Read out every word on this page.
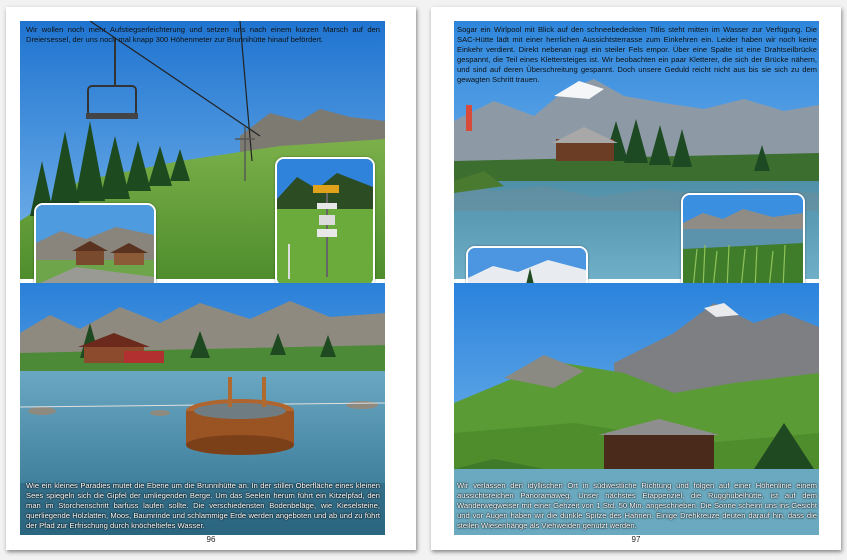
Wir wollen noch mehr Aufstiegserleichterung und setzen uns nach einem kurzen Marsch auf den Dreiersessel, der uns noch mal knapp 300 Höhenmeter zur Brunnihütte hinauf befördert.
Wie ein kleines Paradies mutet die Ebene um die Brunnihütte an. In der stillen Oberfläche eines kleinen Sees spiegeln sich die Gipfel der umliegenden Berge. Um das Seelein herum führt ein Kitzelpfad, den man im Storchenschritt barfuss laufen sollte. Die verschiedensten Bodenbeläge, wie Kieselsteine, querliegende Holzlatten, Moos, Baumrinde und schlammige Erde werden angeboten und ab und zu führt der Pfad zur Erfrischung durch knöcheltiefes Wasser.
96
Sogar ein Wirlpool mit Blick auf den schneebedeckten Titlis steht mitten im Wasser zur Verfügung. Die SAC-Hütte lädt mit einer herrlichen Aussichtsterrasse zum Einkehren ein. Leider haben wir noch keine Einkehr verdient. Direkt nebenan ragt ein steiler Fels empor. Über eine Spalte ist eine Drahtseilbrücke gespannt, die Teil eines Klettersteiges ist. Wir beobachten ein paar Kletterer, die sich der Brücke nähern, und sind auf deren Überschreitung gespannt. Doch unsere Geduld reicht nicht aus bis sie sich zu dem gewagten Schritt trauen.
Wir verlassen den idyllischen Ort in südwestliche Richtung und folgen auf einer Höhenlinie einem aussichtsreichen Panoramaweg. Unser nächstes Etappenziel, die Rugghubelhütte, ist auf dem Wanderwegweiser mit einer Gehzeit von 1 Std. 50 Min. angeschrieben. Die Sonne scheint uns ins Gesicht und vor Augen haben wir die dunkle Spitze des Hahnen. Einige Drehkreuze deuten darauf hin, dass die steilen Wiesenhänge als Viehweiden genutzt werden.
97
